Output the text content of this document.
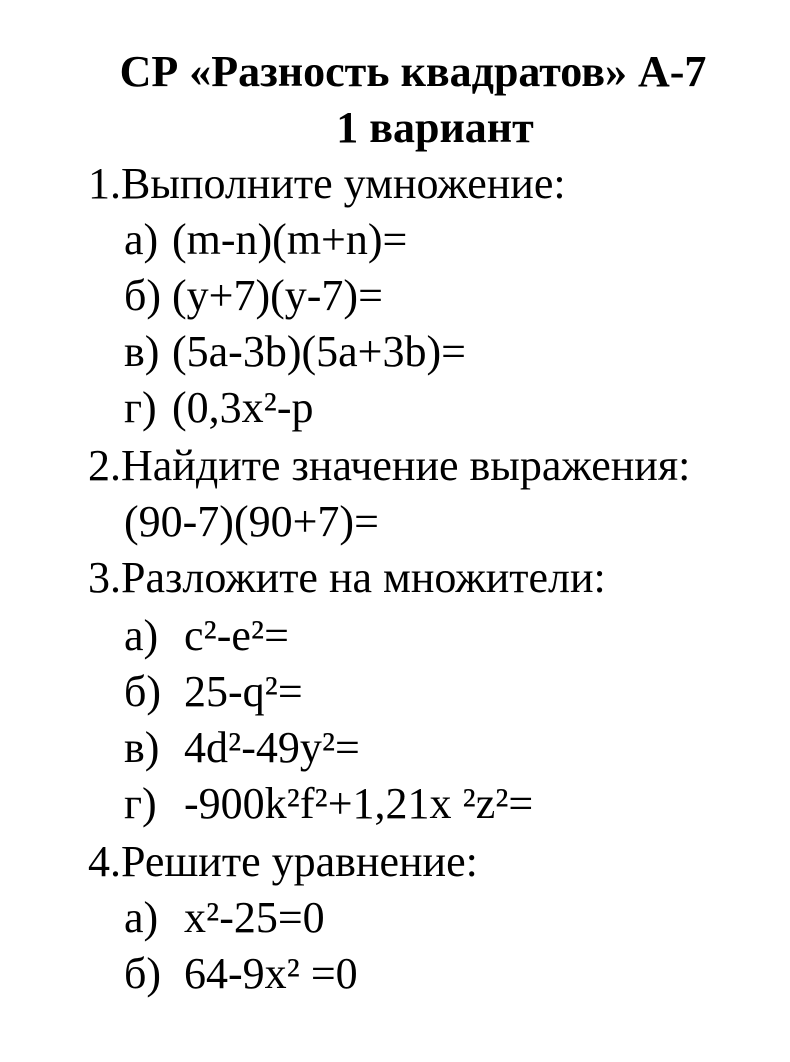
СР «Разность квадратов» А-7
1 вариант
1.Выполните умножение:
а) (m-n)(m+n)=
б) (y+7)(y-7)=
в) (5a-3b)(5a+3b)=
г) (0,3x²-p
2.Найдите значение выражения:
(90-7)(90+7)=
3.Разложите на множители:
а) c²-e²=
б) 25-q²=
в) 4d²-49y²=
г) -900k²f²+1,21x ²z²=
4.Решите уравнение:
а) x²-25=0
б) 64-9x² =0
